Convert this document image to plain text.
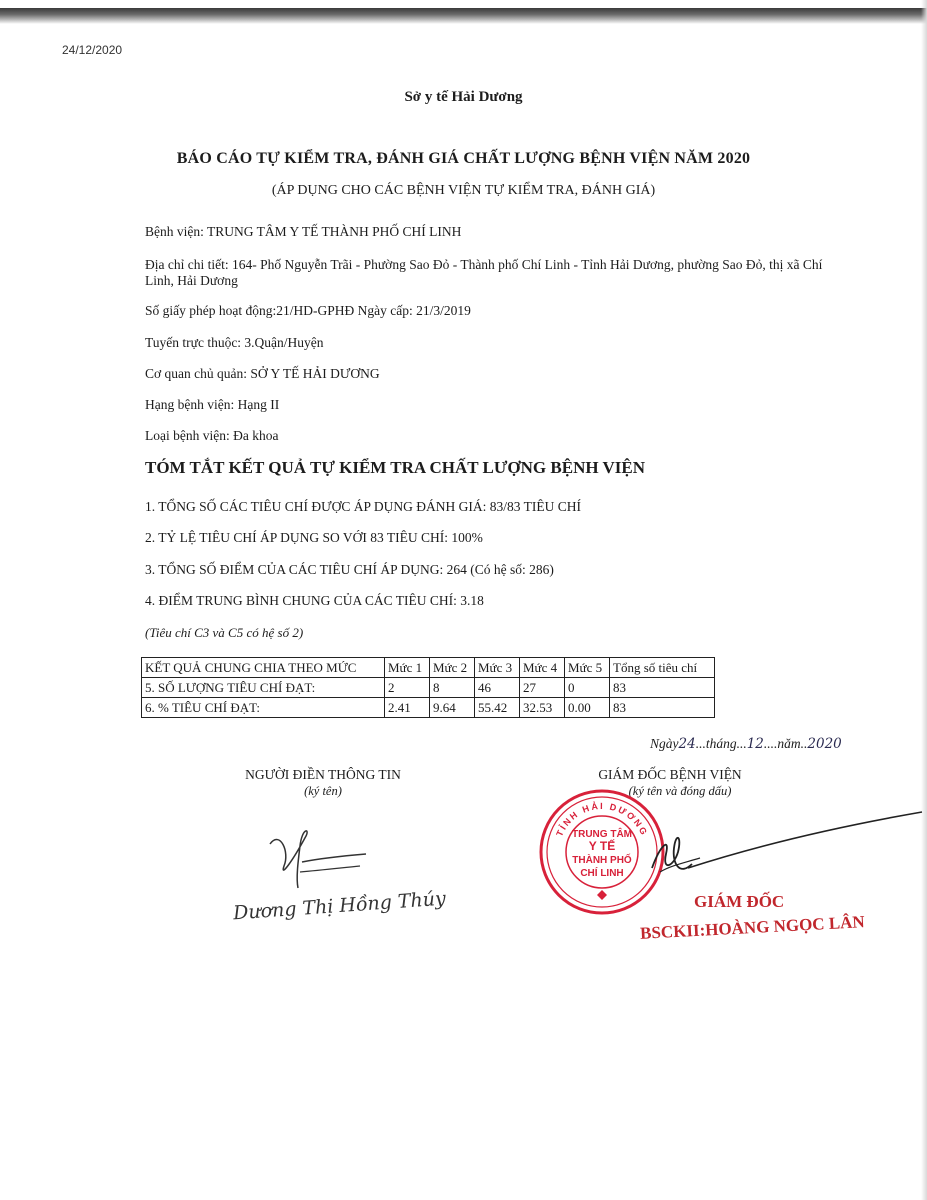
24/12/2020
Sở y tế Hải Dương
BÁO CÁO TỰ KIỂM TRA, ĐÁNH GIÁ CHẤT LƯỢNG BỆNH VIỆN NĂM 2020
(ÁP DỤNG CHO CÁC BỆNH VIỆN TỰ KIỂM TRA, ĐÁNH GIÁ)
Bệnh viện: TRUNG TÂM Y TẾ THÀNH PHỐ CHÍ LINH
Địa chỉ chi tiết: 164- Phố Nguyễn Trãi - Phường Sao Đỏ - Thành phố Chí Linh - Tỉnh Hải Dương, phường Sao Đỏ, thị xã Chí Linh, Hải Dương
Số giấy phép hoạt động:21/HD-GPHĐ Ngày cấp: 21/3/2019
Tuyến trực thuộc: 3.Quận/Huyện
Cơ quan chủ quản: SỞ Y TẾ HẢI DƯƠNG
Hạng bệnh viện: Hạng II
Loại bệnh viện: Đa khoa
TÓM TẮT KẾT QUẢ TỰ KIỂM TRA CHẤT LƯỢNG BỆNH VIỆN
1. TỔNG SỐ CÁC TIÊU CHÍ ĐƯỢC ÁP DỤNG ĐÁNH GIÁ: 83/83 TIÊU CHÍ
2. TỶ LỆ TIÊU CHÍ ÁP DỤNG SO VỚI 83 TIÊU CHÍ: 100%
3. TỔNG SỐ ĐIỂM CỦA CÁC TIÊU CHÍ ÁP DỤNG: 264 (Có hệ số: 286)
4. ĐIỂM TRUNG BÌNH CHUNG CỦA CÁC TIÊU CHÍ: 3.18
(Tiêu chí C3 và C5 có hệ số 2)
KẾT QUẢ CHUNG CHIA THEO MỨC	Mức 1	Mức 2	Mức 3	Mức 4	Mức 5	Tổng số tiêu chí
5. SỐ LƯỢNG TIÊU CHÍ ĐẠT:	2	8	46	27	0	83
6. % TIÊU CHÍ ĐẠT:	2.41	9.64	55.42	32.53	0.00	83
Ngày24...tháng...12....năm..2020
NGƯỜI ĐIỀN THÔNG TIN
(ký tên)
GIÁM ĐỐC BỆNH VIỆN
(ký tên và đóng dấu)
Dương Thị Hồng Thúy
TỈNH HẢI DƯƠNG
TRUNG TÂM
Y TẾ
THÀNH PHỐ
CHÍ LINH
GIÁM ĐỐC
BSCKII:HOÀNG NGỌC LÂN
